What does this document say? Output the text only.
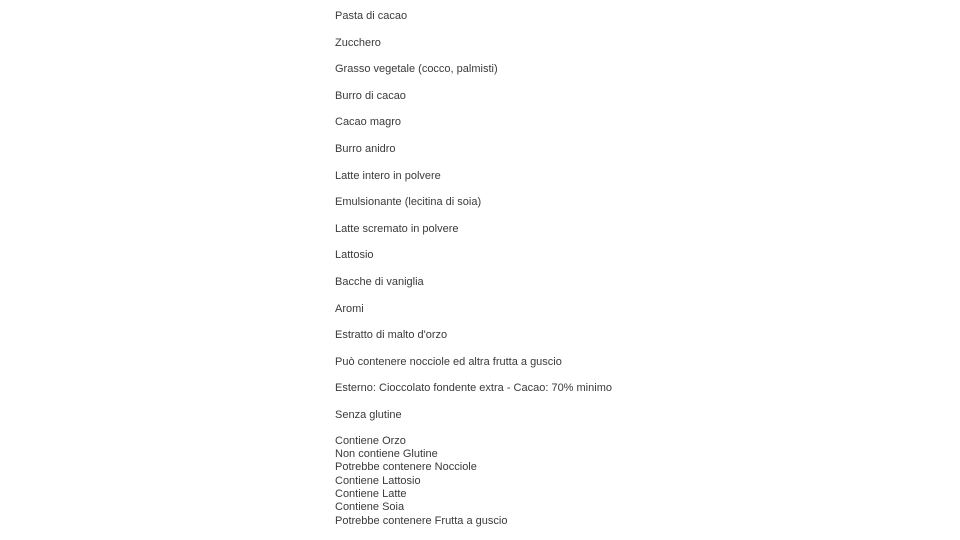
Pasta di cacao
Zucchero
Grasso vegetale (cocco, palmisti)
Burro di cacao
Cacao magro
Burro anidro
Latte intero in polvere
Emulsionante (lecitina di soia)
Latte scremato in polvere
Lattosio
Bacche di vaniglia
Aromi
Estratto di malto d'orzo
Può contenere nocciole ed altra frutta a guscio
Esterno: Cioccolato fondente extra - Cacao: 70% minimo
Senza glutine
Contiene Orzo
Non contiene Glutine
Potrebbe contenere Nocciole
Contiene Lattosio
Contiene Latte
Contiene Soia
Potrebbe contenere Frutta a guscio
